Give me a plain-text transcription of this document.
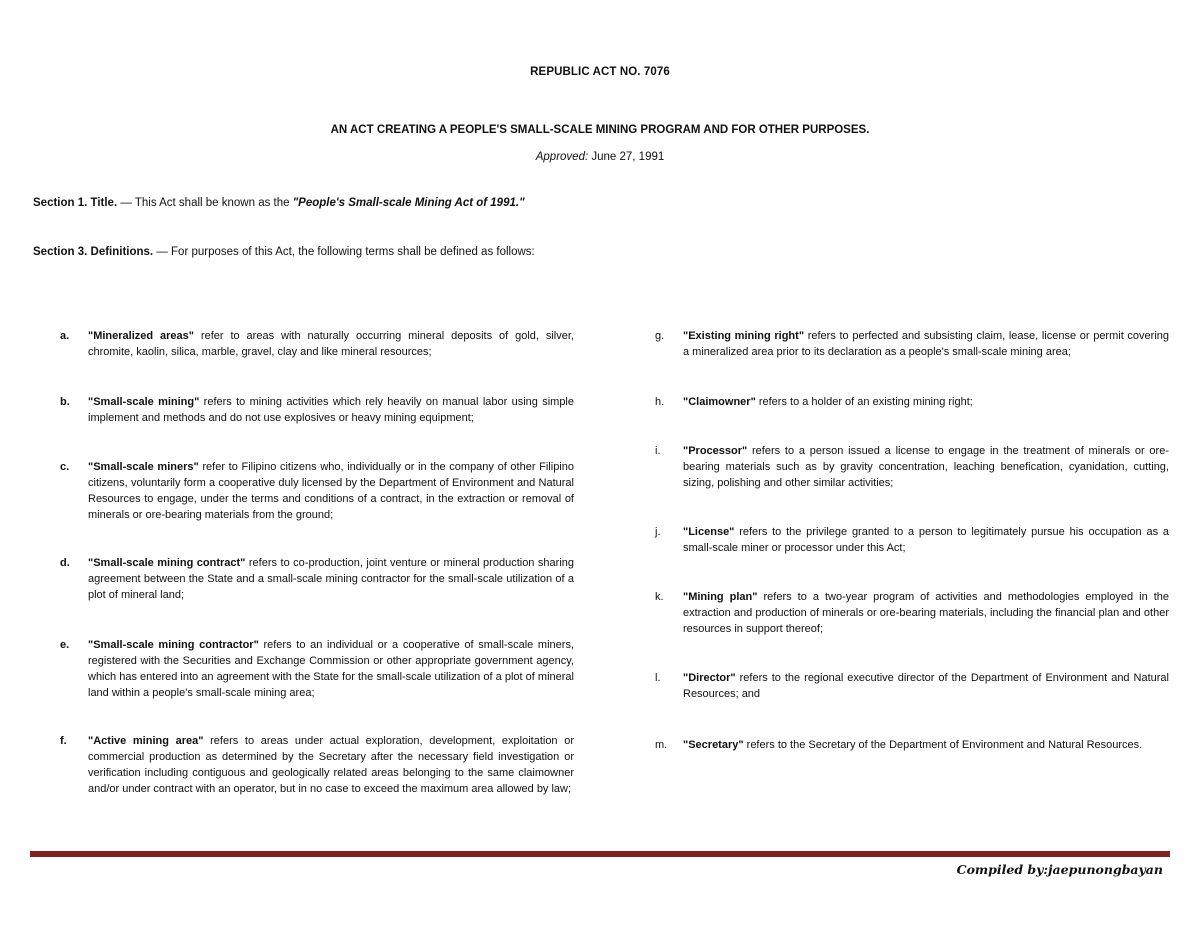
REPUBLIC ACT NO. 7076
AN ACT CREATING A PEOPLE'S SMALL-SCALE MINING PROGRAM AND FOR OTHER PURPOSES.
Approved: June 27, 1991
Section 1. Title. — This Act shall be known as the "People's Small-scale Mining Act of 1991."
Section 3. Definitions. — For purposes of this Act, the following terms shall be defined as follows:
a.	"Mineralized areas" refer to areas with naturally occurring mineral deposits of gold, silver, chromite, kaolin, silica, marble, gravel, clay and like mineral resources;
b.	"Small-scale mining" refers to mining activities which rely heavily on manual labor using simple implement and methods and do not use explosives or heavy mining equipment;
c.	"Small-scale miners" refer to Filipino citizens who, individually or in the company of other Filipino citizens, voluntarily form a cooperative duly licensed by the Department of Environment and Natural Resources to engage, under the terms and conditions of a contract, in the extraction or removal of minerals or ore-bearing materials from the ground;
d.	"Small-scale mining contract" refers to co-production, joint venture or mineral production sharing agreement between the State and a small-scale mining contractor for the small-scale utilization of a plot of mineral land;
e.	"Small-scale mining contractor" refers to an individual or a cooperative of small-scale miners, registered with the Securities and Exchange Commission or other appropriate government agency, which has entered into an agreement with the State for the small-scale utilization of a plot of mineral land within a people's small-scale mining area;
f.	"Active mining area" refers to areas under actual exploration, development, exploitation or commercial production as determined by the Secretary after the necessary field investigation or verification including contiguous and geologically related areas belonging to the same claimowner and/or under contract with an operator, but in no case to exceed the maximum area allowed by law;
g.	"Existing mining right" refers to perfected and subsisting claim, lease, license or permit covering a mineralized area prior to its declaration as a people's small-scale mining area;
h.	"Claimowner" refers to a holder of an existing mining right;
i.	"Processor" refers to a person issued a license to engage in the treatment of minerals or ore-bearing materials such as by gravity concentration, leaching benefication, cyanidation, cutting, sizing, polishing and other similar activities;
j.	"License" refers to the privilege granted to a person to legitimately pursue his occupation as a small-scale miner or processor under this Act;
k.	"Mining plan" refers to a two-year program of activities and methodologies employed in the extraction and production of minerals or ore-bearing materials, including the financial plan and other resources in support thereof;
l.	"Director" refers to the regional executive director of the Department of Environment and Natural Resources; and
m.	"Secretary" refers to the Secretary of the Department of Environment and Natural Resources.
Compiled by:jaepunongbayan
